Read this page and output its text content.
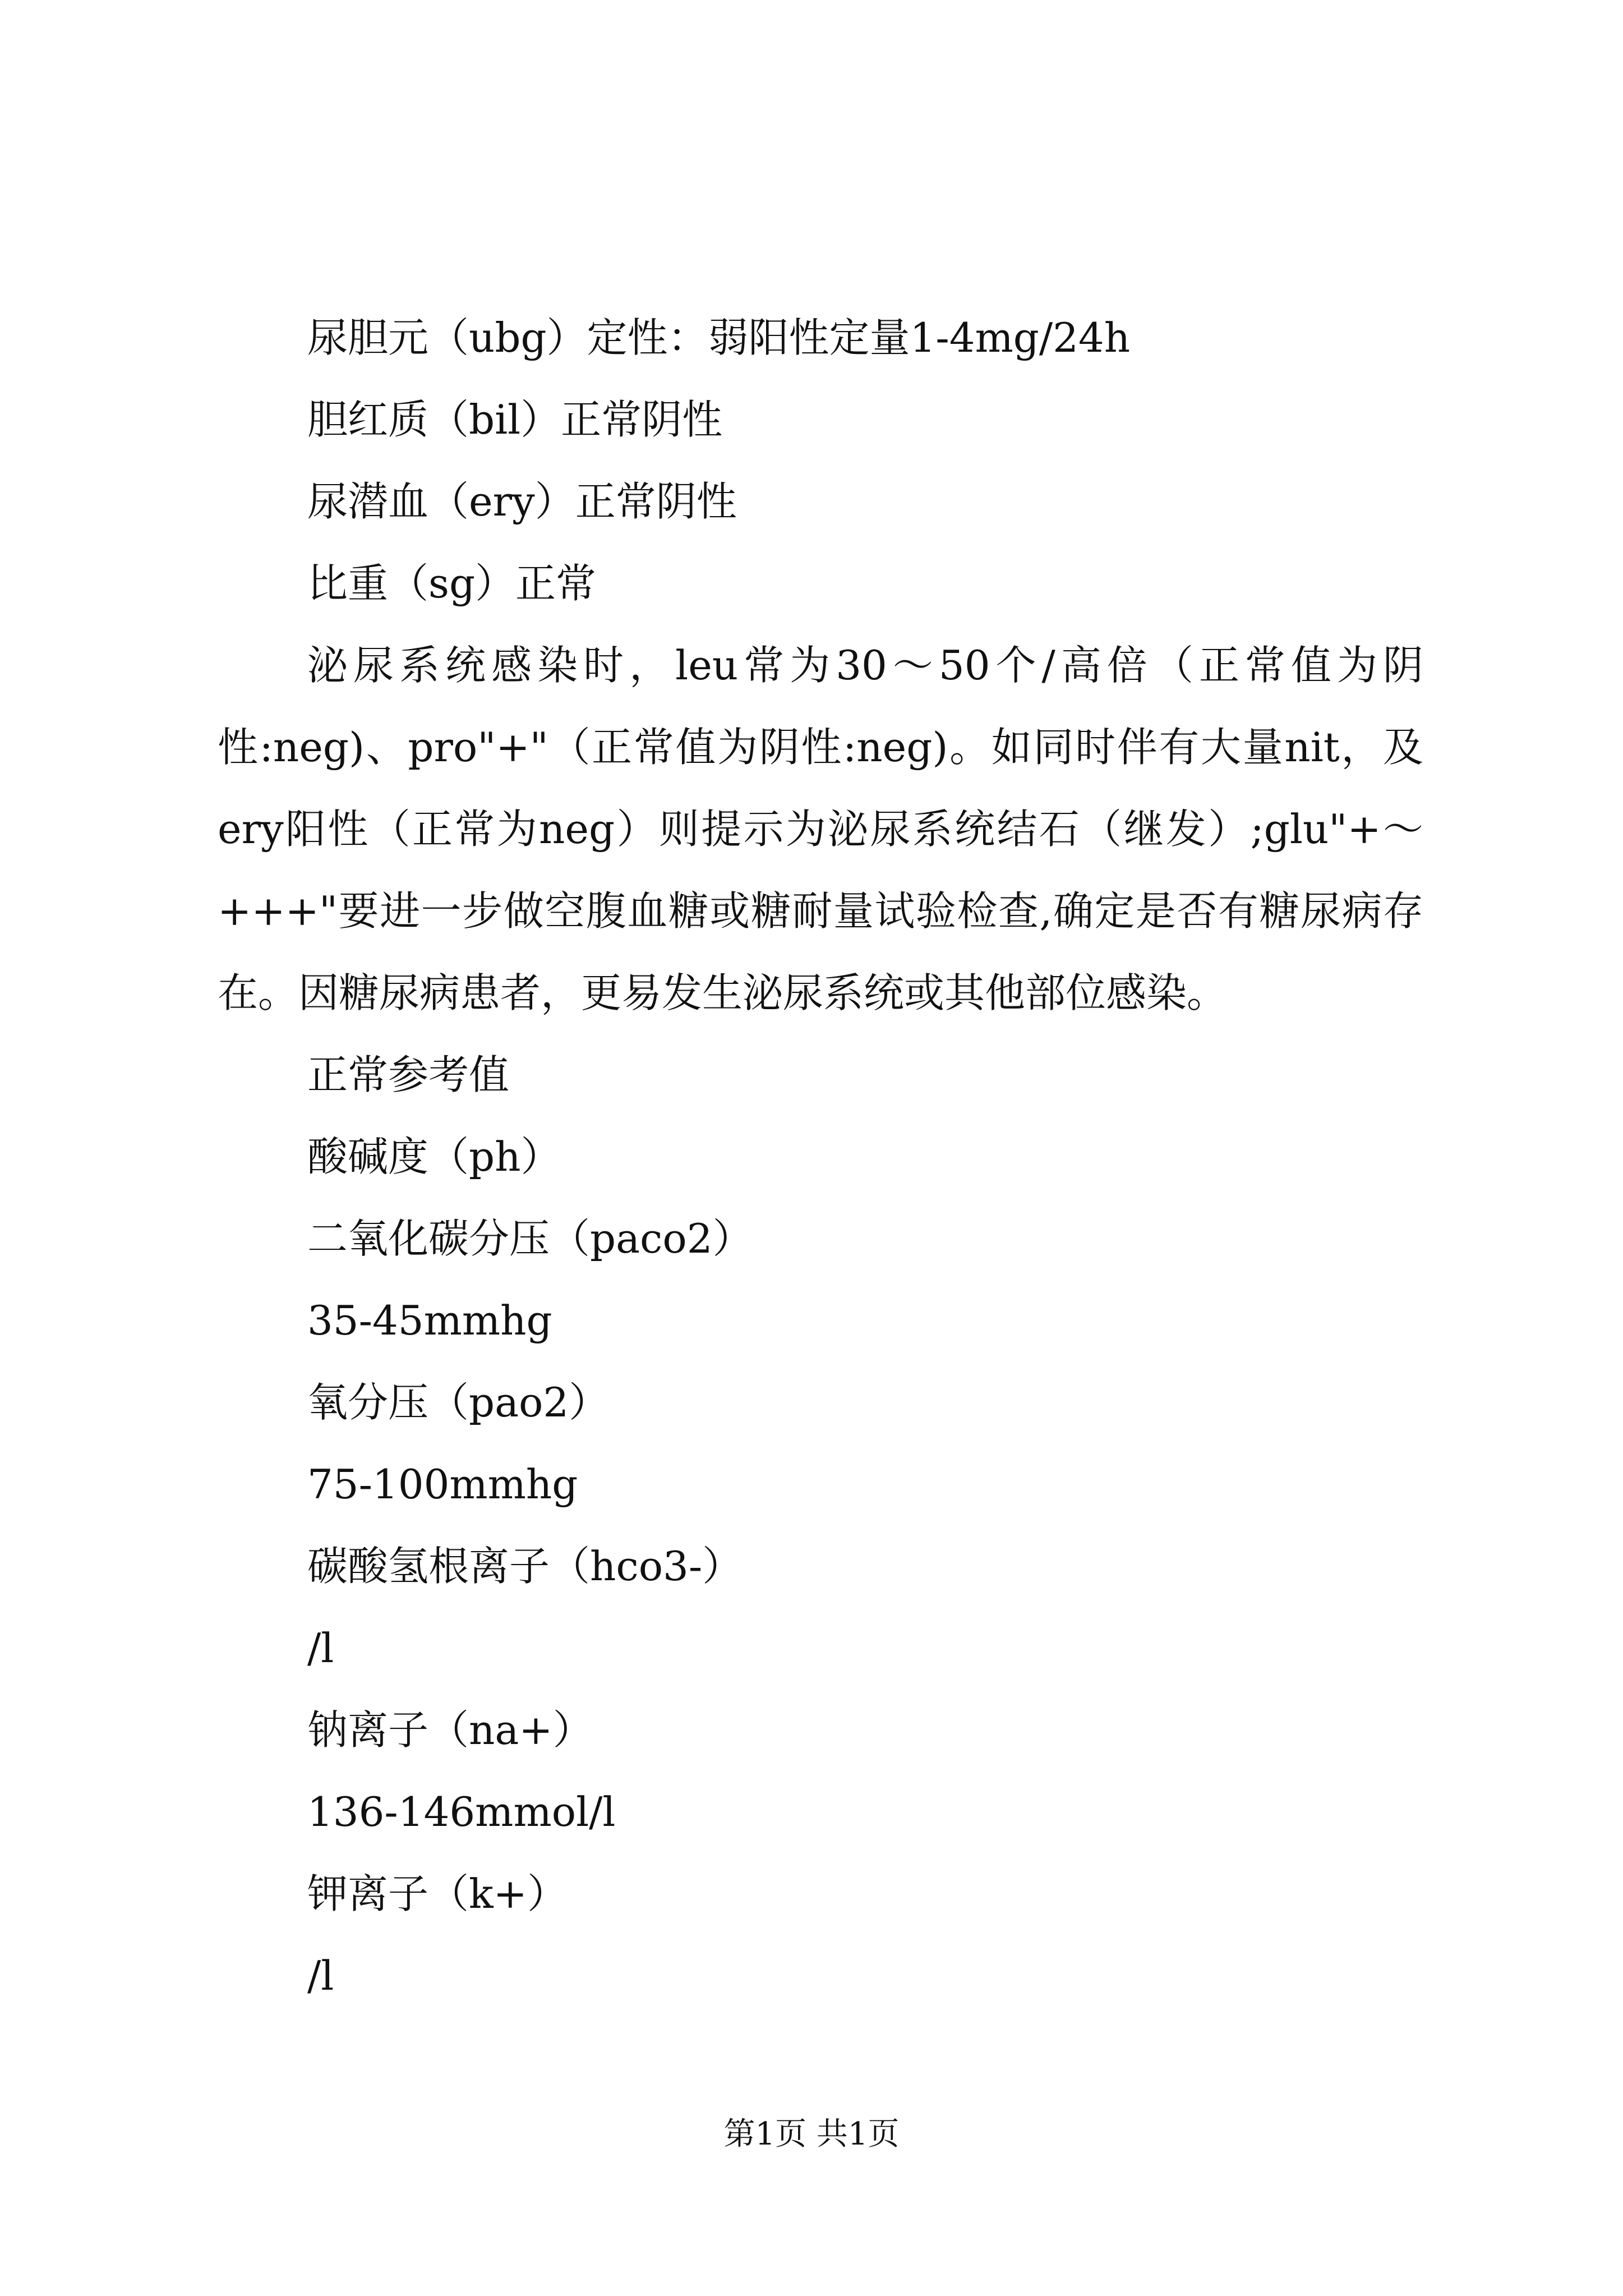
尿胆元（ubg）定性：弱阳性定量1-4mg/24h
胆红质（bil）正常阴性
尿潜血（ery）正常阴性
比重（sg）正常
泌尿系统感染时，leu常为30～50个/高倍（正常值为阴性:neg)、pro"+"（正常值为阴性:neg)。如同时伴有大量nit，及ery阳性（正常为neg）则提示为泌尿系统结石（继发）;glu"+～+++"要进一步做空腹血糖或糖耐量试验检查,确定是否有糖尿病存在。因糖尿病患者，更易发生泌尿系统或其他部位感染。
正常参考值
酸碱度（ph）
二氧化碳分压（paco2）
35-45mmhg
氧分压（pao2）
75-100mmhg
碳酸氢根离子（hco3-）
/l
钠离子（na+）
136-146mmol/l
钾离子（k+）
/l
第1页 共1页
